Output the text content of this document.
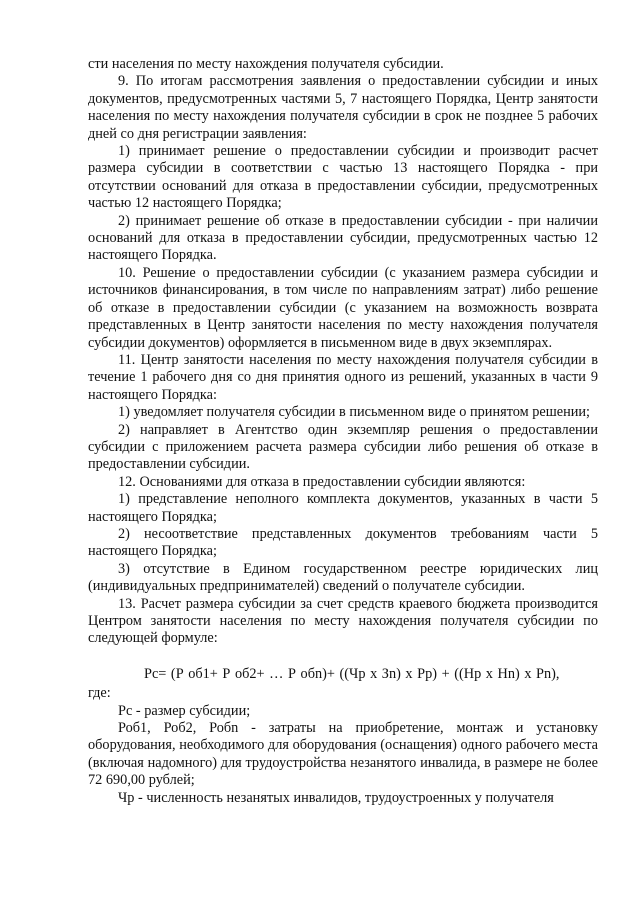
сти населения по месту нахождения получателя субсидии.

9. По итогам рассмотрения заявления о предоставлении субсидии и иных документов, предусмотренных частями 5, 7 настоящего Порядка, Центр занятости населения по месту нахождения получателя субсидии в срок не позднее 5 рабочих дней со дня регистрации заявления:

1) принимает решение о предоставлении субсидии и производит расчет размера субсидии в соответствии с частью 13 настоящего Порядка - при отсутствии оснований для отказа в предоставлении субсидии, предусмотренных частью 12 настоящего Порядка;

2) принимает решение об отказе в предоставлении субсидии - при наличии оснований для отказа в предоставлении субсидии, предусмотренных частью 12 настоящего Порядка.

10. Решение о предоставлении субсидии (с указанием размера субсидии и источников финансирования, в том числе по направлениям затрат) либо решение об отказе в предоставлении субсидии (с указанием на возможность возврата представленных в Центр занятости населения по месту нахождения получателя субсидии документов) оформляется в письменном виде в двух экземплярах.

11. Центр занятости населения по месту нахождения получателя субсидии в течение 1 рабочего дня со дня принятия одного из решений, указанных в части 9 настоящего Порядка:

1) уведомляет получателя субсидии в письменном виде о принятом решении;

2) направляет в Агентство один экземпляр решения о предоставлении субсидии с приложением расчета размера субсидии либо решения об отказе в предоставлении субсидии.

12. Основаниями для отказа в предоставлении субсидии являются:

1) представление неполного комплекта документов, указанных в части 5 настоящего Порядка;

2) несоответствие представленных документов требованиям части 5 настоящего Порядка;

3) отсутствие в Едином государственном реестре юридических лиц (индивидуальных предпринимателей) сведений о получателе субсидии.

13. Расчет размера субсидии за счет средств краевого бюджета производится Центром занятости населения по месту нахождения получателя субсидии по следующей формуле:

Рс= (Р об1+ Р об2+ … Р обn)+ ((Чр х Зn) х Рр) + ((Нр х Нn) х Рn),

где:

Рс - размер субсидии;

Роб1, Роб2, Робn - затраты на приобретение, монтаж и установку оборудования, необходимого для оборудования (оснащения) одного рабочего места (включая надомного) для трудоустройства незанятого инвалида, в размере не более 72 690,00 рублей;

Чр - численность незанятых инвалидов, трудоустроенных у получателя
